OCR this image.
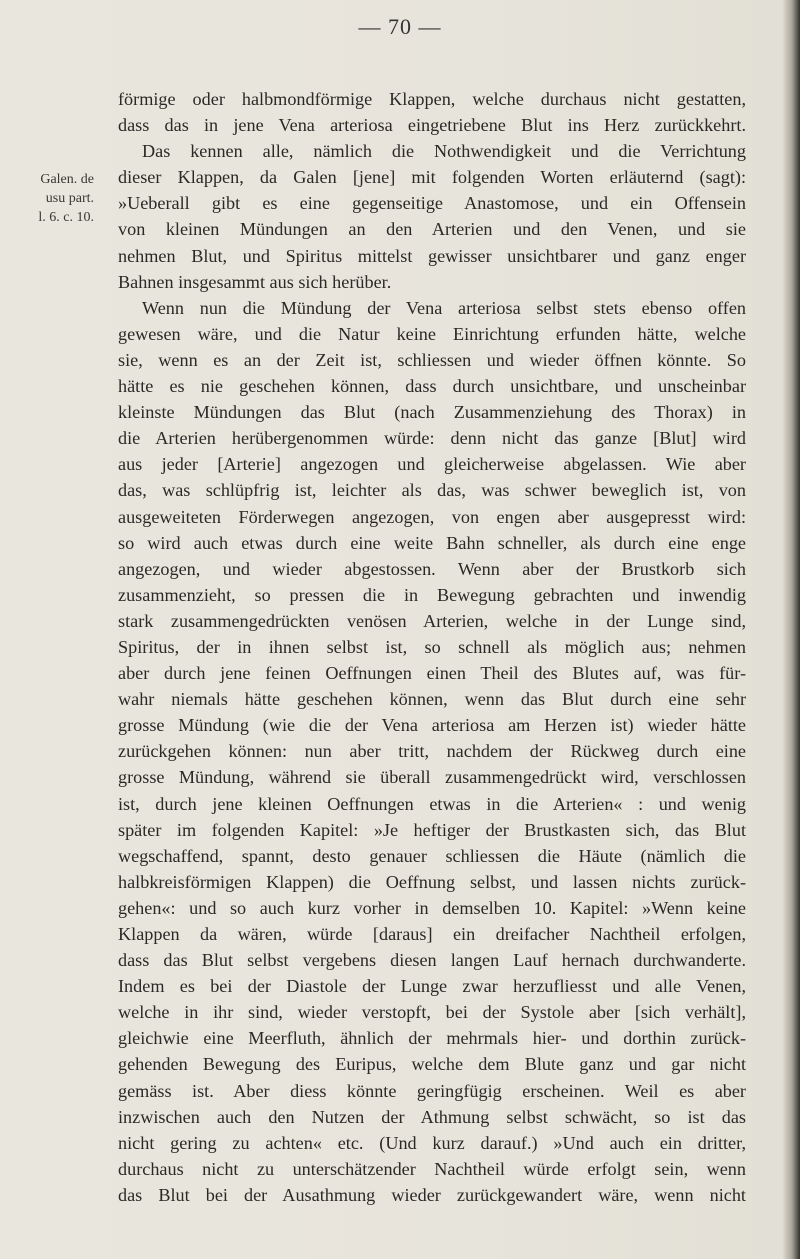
— 70 —
Galen. de
usu part.
l. 6. c. 10.
förmige oder halbmondförmige Klappen, welche durchaus nicht gestatten,
dass das in jene Vena arteriosa eingetriebene Blut ins Herz zurückkehrt.
Das kennen alle, nämlich die Nothwendigkeit und die Verrichtung
dieser Klappen, da Galen [jene] mit folgenden Worten erläuternd (sagt):
»Ueberall gibt es eine gegenseitige Anastomose, und ein Offensein
von kleinen Mündungen an den Arterien und den Venen, und sie
nehmen Blut, und Spiritus mittelst gewisser unsichtbarer und ganz enger
Bahnen insgesammt aus sich herüber.
Wenn nun die Mündung der Vena arteriosa selbst stets ebenso offen
gewesen wäre, und die Natur keine Einrichtung erfunden hätte, welche
sie, wenn es an der Zeit ist, schliessen und wieder öffnen könnte. So
hätte es nie geschehen können, dass durch unsichtbare, und unscheinbar
kleinste Mündungen das Blut (nach Zusammenziehung des Thorax) in
die Arterien herübergenommen würde: denn nicht das ganze [Blut] wird
aus jeder [Arterie] angezogen und gleicherweise abgelassen. Wie aber
das, was schlüpfrig ist, leichter als das, was schwer beweglich ist, von
ausgeweiteten Förderwegen angezogen, von engen aber ausgepresst wird:
so wird auch etwas durch eine weite Bahn schneller, als durch eine enge
angezogen, und wieder abgestossen. Wenn aber der Brustkorb sich
zusammenzieht, so pressen die in Bewegung gebrachten und inwendig
stark zusammengedrückten venösen Arterien, welche in der Lunge sind,
Spiritus, der in ihnen selbst ist, so schnell als möglich aus; nehmen
aber durch jene feinen Oeffnungen einen Theil des Blutes auf, was für-
wahr niemals hätte geschehen können, wenn das Blut durch eine sehr
grosse Mündung (wie die der Vena arteriosa am Herzen ist) wieder hätte
zurückgehen können: nun aber tritt, nachdem der Rückweg durch eine
grosse Mündung, während sie überall zusammengedrückt wird, verschlossen
ist, durch jene kleinen Oeffnungen etwas in die Arterien« : und wenig
später im folgenden Kapitel: »Je heftiger der Brustkasten sich, das Blut
wegschaffend, spannt, desto genauer schliessen die Häute (nämlich die
halbkreisförmigen Klappen) die Oeffnung selbst, und lassen nichts zurück-
gehen«: und so auch kurz vorher in demselben 10. Kapitel: »Wenn keine
Klappen da wären, würde [daraus] ein dreifacher Nachtheil erfolgen,
dass das Blut selbst vergebens diesen langen Lauf hernach durchwanderte.
Indem es bei der Diastole der Lunge zwar herzufliesst und alle Venen,
welche in ihr sind, wieder verstopft, bei der Systole aber [sich verhält],
gleichwie eine Meerfluth, ähnlich der mehrmals hier- und dorthin zurück-
gehenden Bewegung des Euripus, welche dem Blute ganz und gar nicht
gemäss ist. Aber diess könnte geringfügig erscheinen. Weil es aber
inzwischen auch den Nutzen der Athmung selbst schwächt, so ist das
nicht gering zu achten« etc. (Und kurz darauf.) »Und auch ein dritter,
durchaus nicht zu unterschätzender Nachtheil würde erfolgt sein, wenn
das Blut bei der Ausathmung wieder zurückgewandert wäre, wenn nicht
